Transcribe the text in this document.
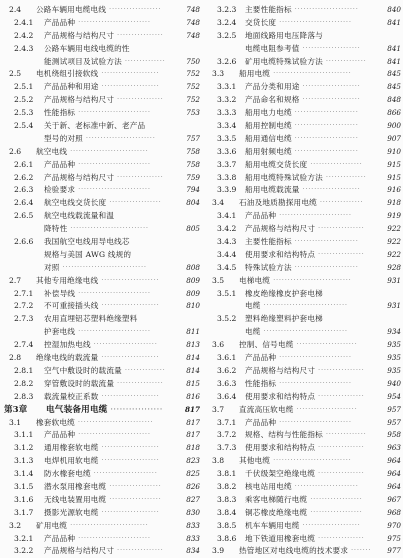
2.4 公路车辆用电缆电线 ··················	748
2.4.1 产品品种 ·························	748
2.4.2 产品规格与结构尺寸 ················	748
2.4.3 公路车辆用电线电缆的性
能测试项目及试验方法 ··············	750
2.5 电机绕组引接软线 ····················	752
2.5.1 产品品种和用途 ····················	752
2.5.2 产品规格与结构尺寸 ················	752
2.5.3 性能指标 ·························	753
2.5.4 关于新、老标准中新、老产品
型号的对照 ························	757
2.6 航空电线 ···························	758
2.6.1 产品品种 ·························	758
2.6.2 产品规格与结构尺寸 ················	759
2.6.3 检验要求 ·························	794
2.6.4 航空电线交货长度 ··················	804
2.6.5 航空电线载流量和温
降特性 ···························	805
2.6.6 我国航空电线用导电线芯
规格与美国 AWG 线规的
对照 ·····························	808
2.7 其他专用绝缘电线 ····················	809
2.7.1 补偿导线 ·························	809
2.7.2 不可重接插头线 ····················	810
2.7.3 农用直埋铝芯塑料绝缘塑料
护套电线 ·························	811
2.7.4 控湿加热电线 ······················	813
2.8 绝缘电线的载流量 ····················	814
2.8.1 空气中敷设时的载流量 ··············	814
2.8.2 穿管敷设时的载流量 ················	815
2.8.3 载流量校正系数 ····················	816
第3章 电气装备用电缆 ·················	817
3.1 橡套软电缆 ··························	817
3.1.1 产品品种 ·························	817
3.1.2 通用橡套软电缆 ····················	818
3.1.3 电焊机用软电缆 ····················	823
3.1.4 防水橡套电缆 ······················	825
3.1.5 潜水泵用橡套电缆 ··················	826
3.1.6 无线电装置用电缆 ··················	827
3.1.7 摄影光源软电缆 ····················	830
3.2 矿用电缆 ···························	833
3.2.1 产品品种 ·························	833
3.2.2 产品规格与结构尺寸 ················	834
3.2.3 主要性能指标 ······················	840
3.2.4 交货长度 ·························	841
3.2.5 地面线路用电压降落与
电缆电阻参考值 ····················	841
3.2.6 矿用电缆特殊试验方法 ··············	841
3.3 船用电缆 ···························	845
3.3.1 产品分类和用途 ····················	845
3.3.2 产品命名和规格 ····················	848
3.3.3 船用电力电缆 ······················	866
3.3.4 船用控制电缆 ······················	900
3.3.5 船用通信电缆 ······················	907
3.3.6 船用射频电缆 ······················	910
3.3.7 船用电缆交货长度 ··················	915
3.3.8 船用电缆特殊试验方法 ··············	915
3.3.9 船用电缆载流量 ····················	916
3.4 石油及地质勘探用电缆 ···············	918
3.4.1 产品品种 ·························	919
3.4.2 产品规格与结构尺寸 ················	922
3.4.3 主要性能指标 ······················	922
3.4.4 使用要求和结构特点 ················	922
3.4.5 特殊试验方法 ······················	928
3.5 电梯电缆 ···························	931
3.5.1 橡皮绝缘橡皮护套电梯
电缆 ·····························	931
3.5.2 塑料绝缘塑料护套电梯
电缆 ·····························	934
3.6 控制、信号电缆 ·····················	935
3.6.1 产品品种 ·························	935
3.6.2 产品规格与结构尺寸 ················	935
3.6.3 性能指标 ·························	940
3.6.4 使用要求和结构特点 ················	954
3.7 直流高压软电缆 ·····················	957
3.7.1 产品品种 ·························	957
3.7.2 规格、结构与性能指标 ··············	958
3.7.3 使用要求和结构特点 ················	963
3.8 其他电缆 ···························	964
3.8.1 千伏级架空绝缘电缆 ················	964
3.8.2 核电站用电缆 ······················	964
3.8.3 乘客电梯随行电缆 ··················	967
3.8.4 铜芯橡皮绝缘电缆 ··················	968
3.8.5 机车车辆用电缆 ····················	970
3.8.6 地下铁道用橡套电缆 ················	975
3.9 热管地区对电线电缆的技术要求 ·······	977
